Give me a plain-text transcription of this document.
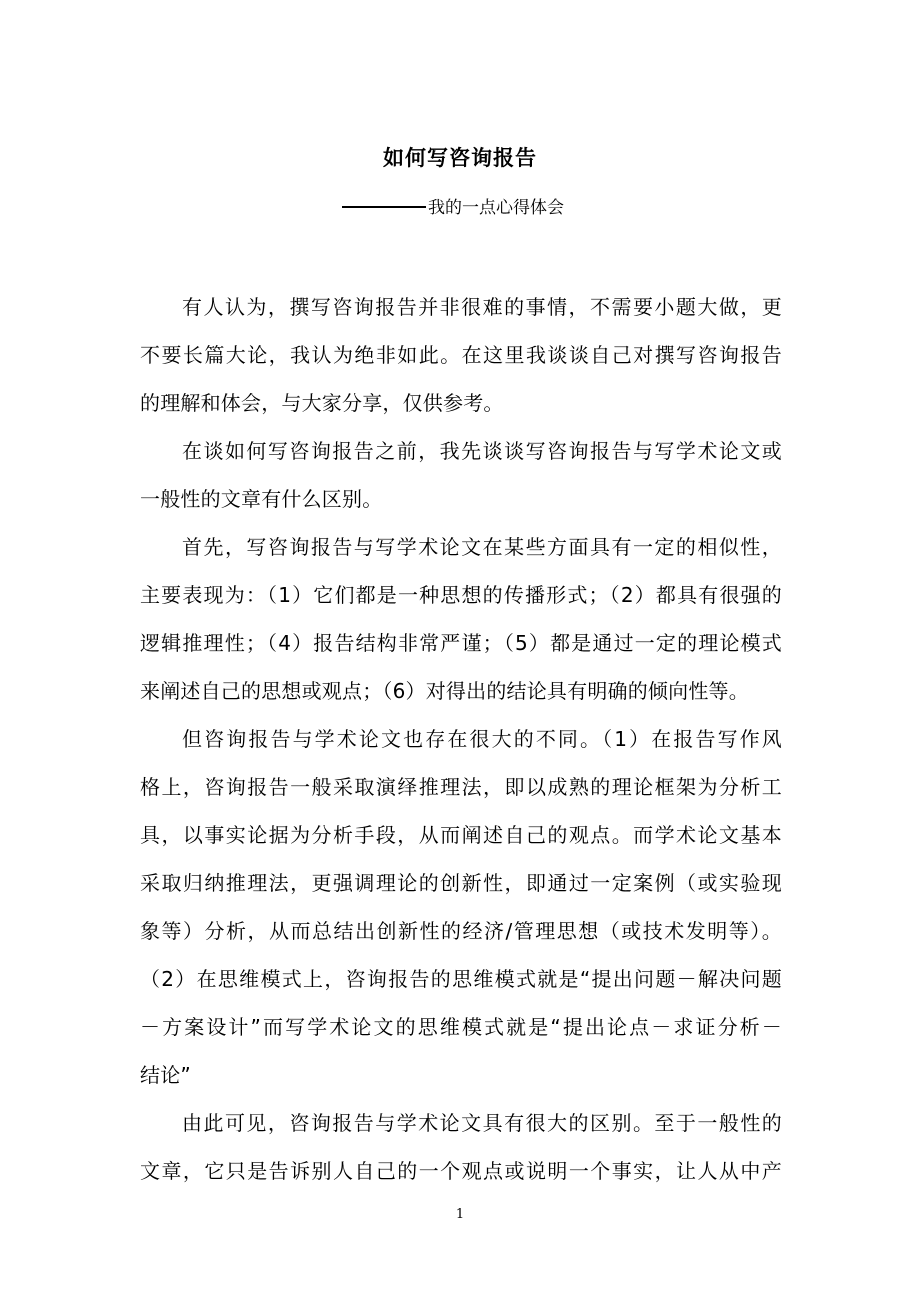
如何写咨询报告
我的一点心得体会
有人认为，撰写咨询报告并非很难的事情，不需要小题大做，更
不要长篇大论，我认为绝非如此。在这里我谈谈自己对撰写咨询报告
的理解和体会，与大家分享，仅供参考。
在谈如何写咨询报告之前，我先谈谈写咨询报告与写学术论文或
一般性的文章有什么区别。
首先，写咨询报告与写学术论文在某些方面具有一定的相似性，
主要表现为：（1）它们都是一种思想的传播形式；（2）都具有很强的
逻辑推理性；（4）报告结构非常严谨；（5）都是通过一定的理论模式
来阐述自己的思想或观点；（6）对得出的结论具有明确的倾向性等。
但咨询报告与学术论文也存在很大的不同。（1）在报告写作风
格上，咨询报告一般采取演绎推理法，即以成熟的理论框架为分析工
具，以事实论据为分析手段，从而阐述自己的观点。而学术论文基本
采取归纳推理法，更强调理论的创新性，即通过一定案例（或实验现
象等）分析，从而总结出创新性的经济/管理思想（或技术发明等）。
（2）在思维模式上，咨询报告的思维模式就是“提出问题－解决问题
－方案设计”而写学术论文的思维模式就是“提出论点－求证分析－
结论”
由此可见，咨询报告与学术论文具有很大的区别。至于一般性的
文章，它只是告诉别人自己的一个观点或说明一个事实，让人从中产
1
